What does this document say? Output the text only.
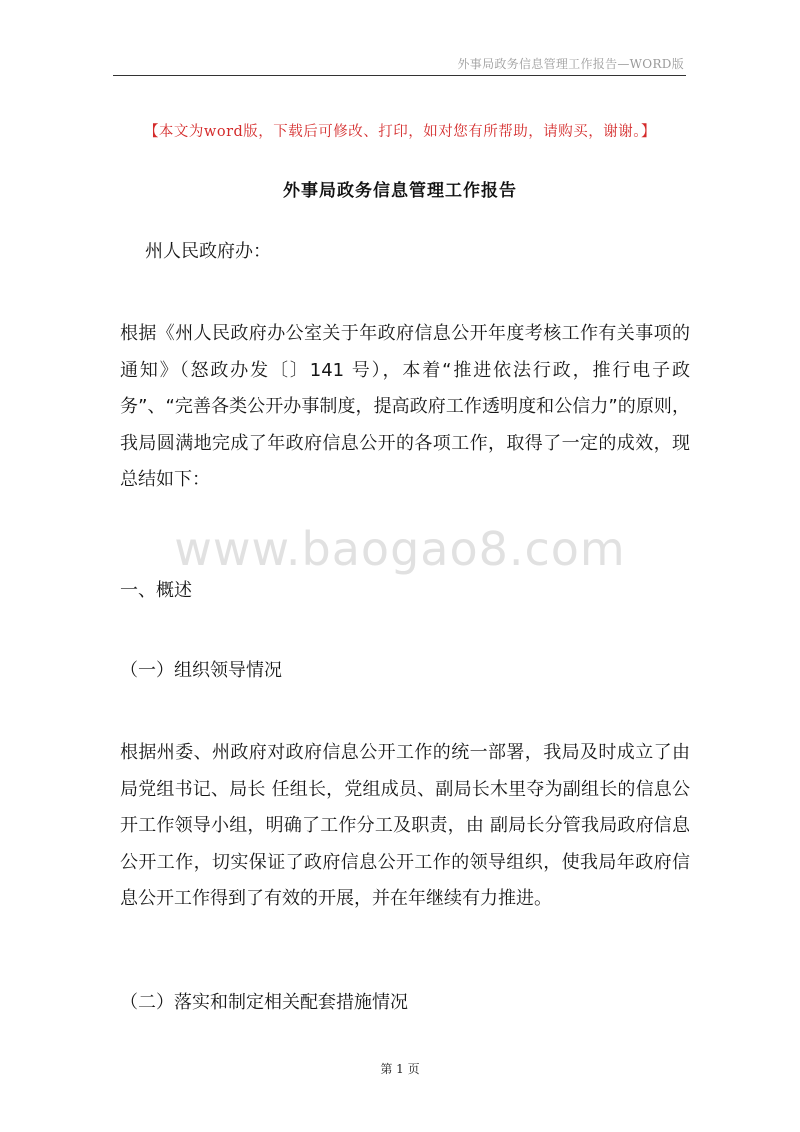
外事局政务信息管理工作报告—WORD版
【本文为word版，下载后可修改、打印，如对您有所帮助，请购买，谢谢。】
外事局政务信息管理工作报告
州人民政府办：
根据《州人民政府办公室关于年政府信息公开年度考核工作有关事项的通知》（怒政办发〔〕141 号），本着“推进依法行政，推行电子政务”、“完善各类公开办事制度，提高政府工作透明度和公信力”的原则，我局圆满地完成了年政府信息公开的各项工作，取得了一定的成效，现总结如下：
www.baogao8.com
一、概述
（一）组织领导情况
根据州委、州政府对政府信息公开工作的统一部署，我局及时成立了由局党组书记、局长 任组长，党组成员、副局长木里夺为副组长的信息公开工作领导小组，明确了工作分工及职责，由 副局长分管我局政府信息公开工作，切实保证了政府信息公开工作的领导组织，使我局年政府信息公开工作得到了有效的开展，并在年继续有力推进。
（二）落实和制定相关配套措施情况
第 1 页
